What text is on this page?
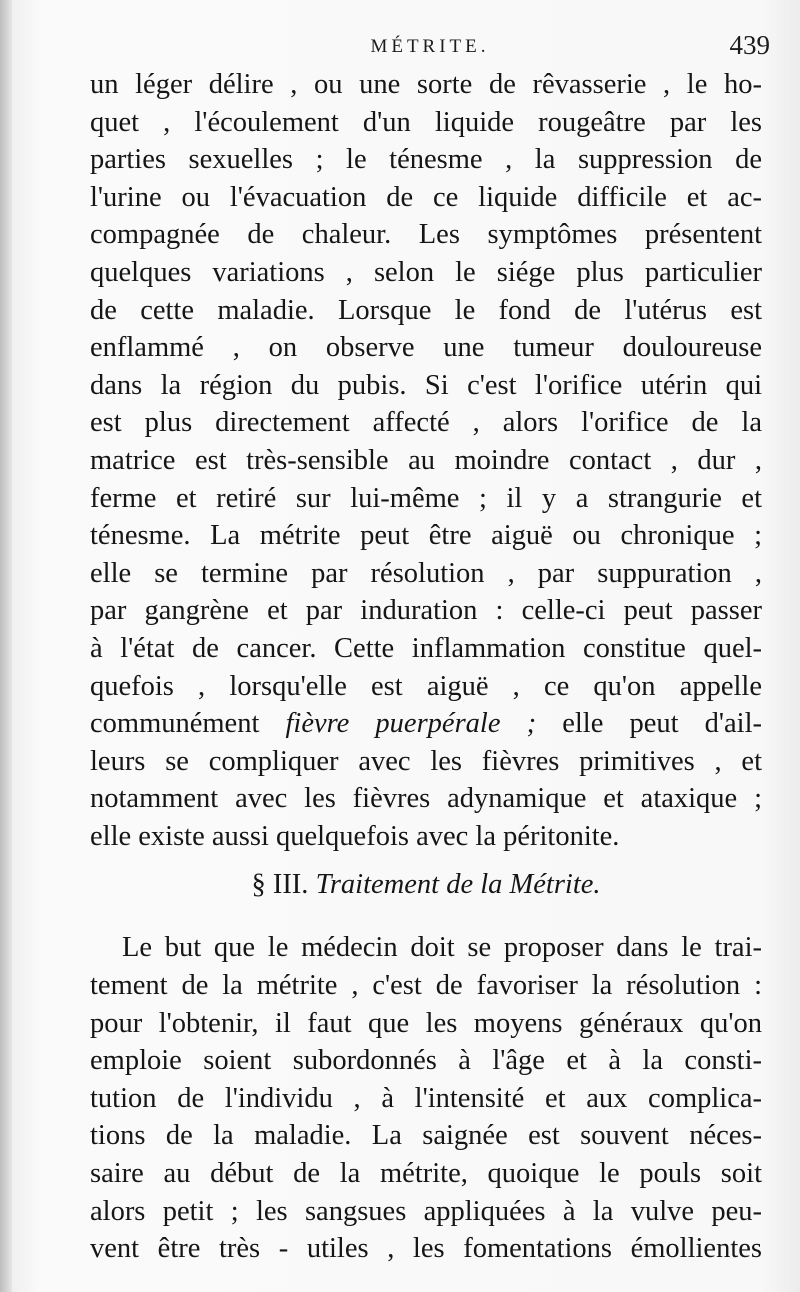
MÉTRITE.	439
un léger délire , ou une sorte de rêvasserie , le ho-
quet , l'écoulement d'un liquide rougeâtre par les
parties sexuelles ; le ténesme , la suppression de
l'urine ou l'évacuation de ce liquide difficile et ac-
compagnée de chaleur. Les symptômes présentent
quelques variations , selon le siége plus particulier
de cette maladie. Lorsque le fond de l'utérus est
enflammé , on observe une tumeur douloureuse
dans la région du pubis. Si c'est l'orifice utérin qui
est plus directement affecté , alors l'orifice de la
matrice est très-sensible au moindre contact , dur ,
ferme et retiré sur lui-même ; il y a strangurie et
ténesme. La métrite peut être aiguë ou chronique ;
elle se termine par résolution , par suppuration ,
par gangrène et par induration : celle-ci peut passer
à l'état de cancer. Cette inflammation constitue quel-
quefois , lorsqu'elle est aiguë , ce qu'on appelle
communément fièvre puerpérale ; elle peut d'ail-
leurs se compliquer avec les fièvres primitives , et
notamment avec les fièvres adynamique et ataxique ;
elle existe aussi quelquefois avec la péritonite.
§ III. Traitement de la Métrite.
Le but que le médecin doit se proposer dans le trai-
tement de la métrite , c'est de favoriser la résolution :
pour l'obtenir, il faut que les moyens généraux qu'on
emploie soient subordonnés à l'âge et à la consti-
tution de l'individu , à l'intensité et aux complica-
tions de la maladie. La saignée est souvent néces-
saire au début de la métrite, quoique le pouls soit
alors petit ; les sangsues appliquées à la vulve peu-
vent être très - utiles , les fomentations émollientes
